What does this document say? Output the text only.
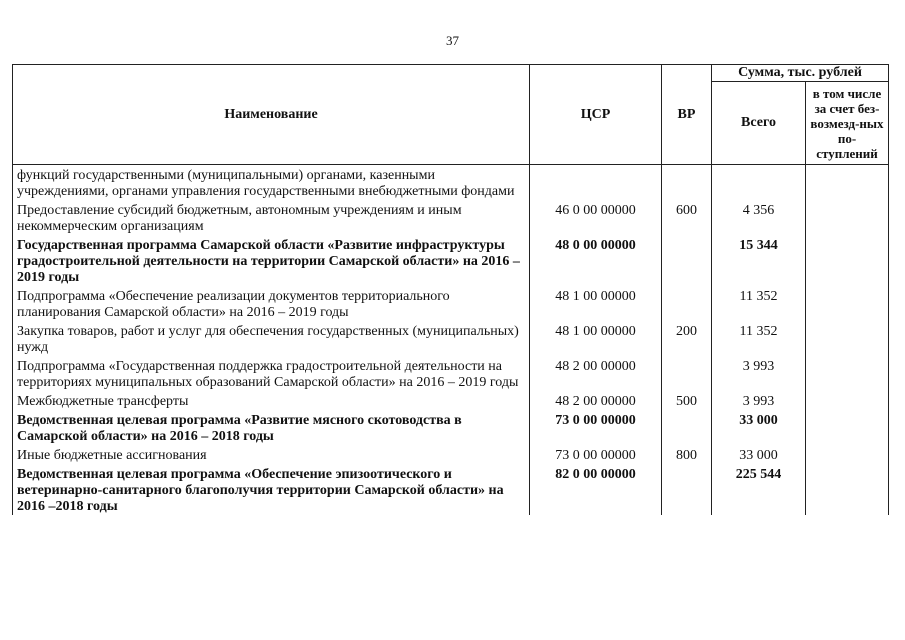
37
Наименование	ЦСР	ВР	Сумма, тыс. рублей	
			Всего	в том числе за счет без-возмезд-ных по-ступлений
функций государственными (муниципальными) органами, казенными учреждениями, органами управления государственными внебюджетными фондами				
Предоставление субсидий бюджетным, автономным учреждениям и иным некоммерческим организациям	46 0 00 00000	600	4 356	
Государственная программа Самарской области «Развитие инфраструктуры градостроительной деятельности на территории Самарской области» на 2016 – 2019 годы	48 0 00 00000		15 344	
Подпрограмма «Обеспечение реализации документов территориального планирования Самарской области» на 2016 – 2019 годы	48 1 00 00000		11 352	
Закупка товаров, работ и услуг для обеспечения государственных (муниципальных) нужд	48 1 00 00000	200	11 352	
Подпрограмма «Государственная поддержка градостроительной деятельности на территориях муниципальных образований Самарской области» на 2016 – 2019 годы	48 2 00 00000		3 993	
Межбюджетные трансферты	48 2 00 00000	500	3 993	
Ведомственная целевая программа «Развитие мясного скотоводства в Самарской области» на 2016 – 2018 годы	73 0 00 00000		33 000	
Иные бюджетные ассигнования	73 0 00 00000	800	33 000	
Ведомственная целевая программа «Обеспечение эпизоотического и ветеринарно-санитарного благополучия территории Самарской области» на 2016 –2018 годы	82 0 00 00000		225 544	
